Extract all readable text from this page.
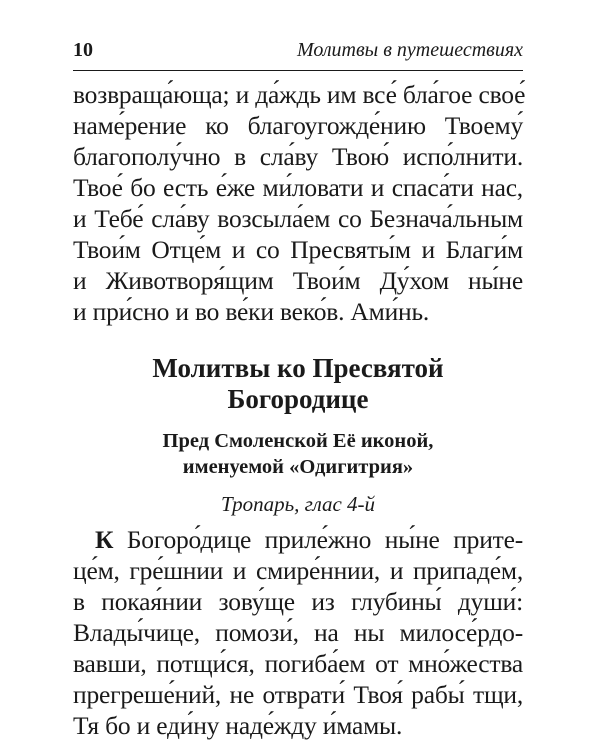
10	Молитвы в путешествиях
возвраща́юща; и да́ждь им все́ бла́гое свое́
наме́рение ко благоугожде́нию Твоему́
благополу́чно в сла́ву Твою́ испо́лнити.
Твое́ бо есть е́же ми́ловати и спаса́ти нас,
и Тебе́ сла́ву возсыла́ем со Безнача́льным
Твои́м Отце́м и со Пресвяты́м и Благи́м
и Животворя́щим Твои́м Ду́хом ны́не
и при́сно и во ве́ки веко́в. Ами́нь.
Молитвы ко Пресвятой
Богородице
Пред Смоленской Её иконой,
именуемой «Одигитрия»
Тропарь, глас 4-й
К Богоро́дице приле́жно ны́не прите-
це́м, гре́шнии и смире́ннии, и припаде́м,
в покая́нии зову́ще из глубины́ души́:
Влады́чице, помози́, на ны милосе́рдо-
вавши, потщи́ся, погиба́ем от мно́жества
прегреше́ний, не отврати́ Твоя́ рабы́ тщи,
Тя бо и еди́ну наде́жду и́мамы.
